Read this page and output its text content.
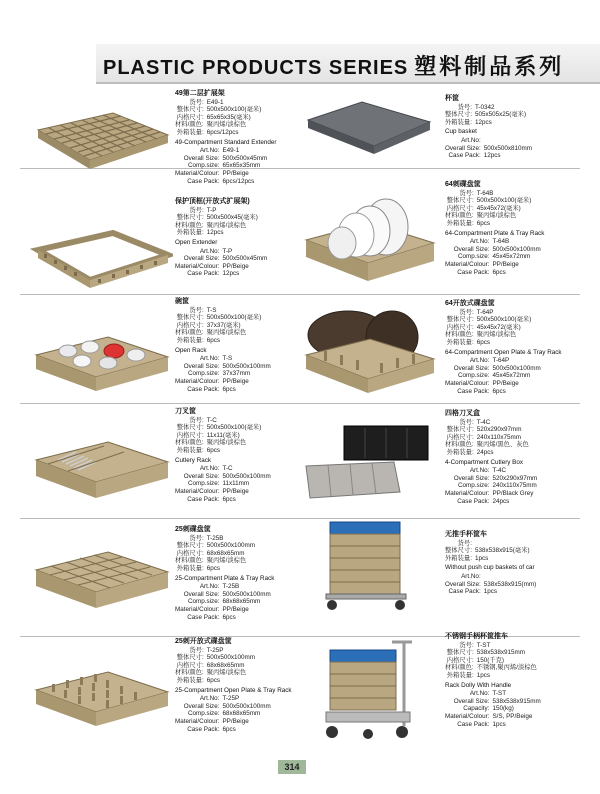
PLASTIC PRODUCTS SERIES 塑料制品系列
49第二层扩展架
货号:	E49-1
整体尺寸:	500x500x100(毫米)
内格尺寸:	65x65x35(毫米)
材料/颜色:	聚丙烯/淡棕色
外箱装量:	6pcs/12pcs
49-Compartment Standard Extender
Art.No:	E49-1
Overall Size:	500x500x45mm
Comp.size:	65x65x35mm
Material/Colour:	PP/Beige
Case Pack:	6pcs/12pcs
保护顶框(开放式扩展架)
货号:	T-P
整体尺寸:	500x500x45(毫米)
材料/颜色:	聚丙烯/淡棕色
外箱装量:	12pcs
Open Extender
Art.No:	T-P
Overall Size:	500x500x45mm
Material/Colour:	PP/Beige
Case Pack:	12pcs
碗筐
货号:	T-S
整体尺寸:	500x500x100(毫米)
内格尺寸:	37x37(毫米)
材料/颜色:	聚丙烯/淡棕色
外箱装量:	6pcs
Open Rack
Art.No:	T-S
Overall Size:	500x500x100mm
Comp.size:	37x37mm
Material/Colour:	PP/Beige
Case Pack:	6pcs
刀叉筐
货号:	T-C
整体尺寸:	500x500x100(毫米)
内格尺寸:	11x11(毫米)
材料/颜色:	聚丙烯/淡棕色
外箱装量:	6pcs
Cutlery Rack
Art.No:	T-C
Overall Size:	500x500x100mm
Comp.size:	11x11mm
Material/Colour:	PP/Beige
Case Pack:	6pcs
25刺碟盘筐
货号:	T-25B
整体尺寸:	500x500x100mm
内格尺寸:	68x68x65mm
材料/颜色:	聚丙烯/淡棕色
外箱装量:	6pcs
25-Compartment Plate & Tray Rack
Art.No:	T-25B
Overall Size:	500x500x100mm
Comp.size:	68x68x65mm
Material/Colour:	PP/Beige
Case Pack:	6pcs
25刺开放式碟盘筐
货号:	T-25P
整体尺寸:	500x500x100mm
内格尺寸:	68x68x65mm
材料/颜色:	聚丙烯/淡棕色
外箱装量:	6pcs
25-Compartment Open Plate & Tray Rack
Art.No:	T-25P
Overall Size:	500x500x100mm
Comp.size:	68x68x65mm
Material/Colour:	PP/Beige
Case Pack:	6pcs
杯筐
货号:	T-0342
整体尺寸:	505x505x25(毫米)
外箱装量:	12pcs
Cup basket
Art.No:	
Overall Size:	500x500x810mm
Case Pack:	12pcs
64刺碟盘筐
货号:	T-64B
整体尺寸:	500x500x100(毫米)
内格尺寸:	45x45x72(毫米)
材料/颜色:	聚丙烯/淡棕色
外箱装量:	6pcs
64-Compartment Plate & Tray Rack
Art.No:	T-64B
Overall Size:	500x500x100mm
Comp.size:	45x45x72mm
Material/Colour:	PP/Beige
Case Pack:	6pcs
64开放式碟盘筐
货号:	T-64P
整体尺寸:	500x500x100(毫米)
内格尺寸:	45x45x72(毫米)
材料/颜色:	聚丙烯/淡棕色
外箱装量:	6pcs
64-Compartment Open Plate & Tray Rack
Art.No:	T-64P
Overall Size:	500x500x100mm
Comp.size:	45x45x72mm
Material/Colour:	PP/Beige
Case Pack:	6pcs
四格刀叉盒
货号:	T-4C
整体尺寸:	520x290x97mm
内格尺寸:	240x110x75mm
材料/颜色:	聚丙烯/黑色、灰色
外箱装量:	24pcs
4-Compartment Cutlery Box
Art.No:	T-4C
Overall Size:	520x290x97mm
Comp.size:	240x110x75mm
Material/Colour:	PP/Black Grey
Case Pack:	24pcs
无推手杯筐车
货号:	
整体尺寸:	538x538x915(毫米)
外箱装量:	1pcs
Without push cup baskets of car
Art.No:	
Overall Size:	538x538x915(mm)
Case Pack:	1pcs
不锈钢手柄杯筐推车
货号:	T-ST
整体尺寸:	538x538x915mm
内格尺寸:	150(千克)
材料/颜色:	不锈钢,聚丙烯/淡棕色
外箱装量:	1pcs
Rack Dolly With Handle
Art.No:	T-ST
Overall Size:	538x538x915mm
Capacity:	150(kg)
Material/Colour:	S/S, PP/Beige
Case Pack:	1pcs
314
